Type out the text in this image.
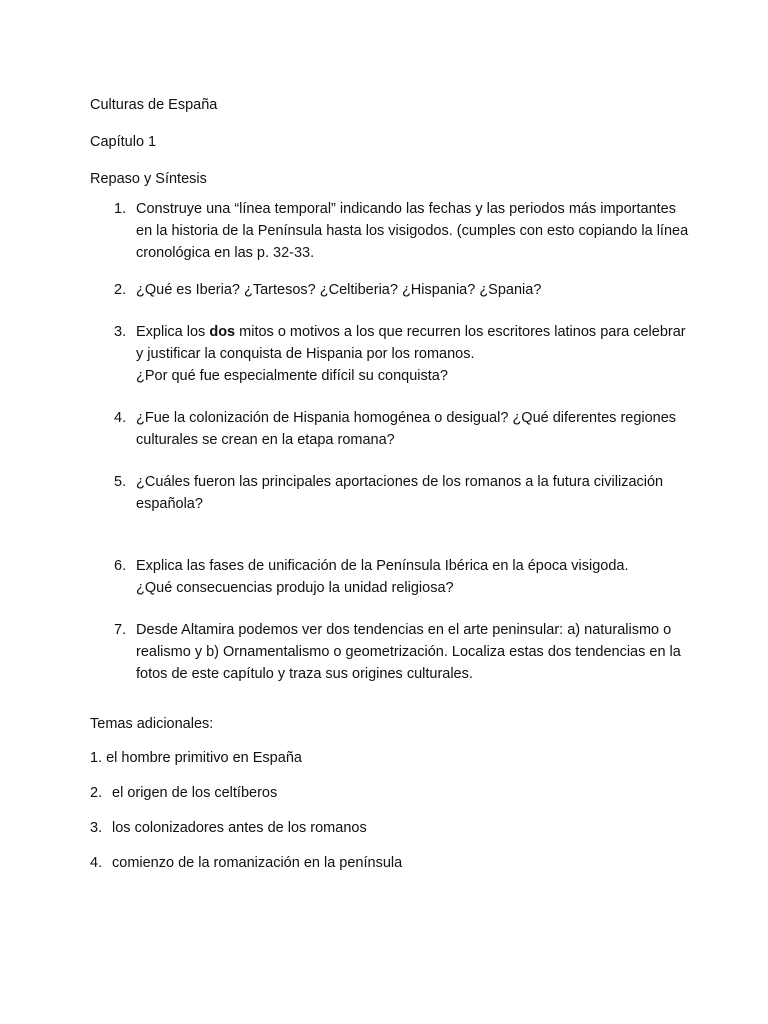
Culturas de España
Capítulo 1
Repaso y Síntesis
1. Construye una “línea temporal” indicando las fechas y las periodos más importantes en la historia de la Península hasta los visigodos. (cumples con esto copiando la línea cronológica en las p. 32-33.
2. ¿Qué es Iberia? ¿Tartesos? ¿Celtiberia? ¿Hispania? ¿Spania?
3. Explica los dos mitos o motivos a los que recurren los escritores latinos para celebrar y justificar la conquista de Hispania por los romanos.
¿Por qué fue especialmente difícil su conquista?
4. ¿Fue la colonización de Hispania homogénea o desigual? ¿Qué diferentes regiones culturales se crean en la etapa romana?
5. ¿Cuáles fueron las principales aportaciones de los romanos a la futura civilización española?
6. Explica las fases de unificación de la Península Ibérica en la época visigoda.
¿Qué consecuencias produjo la unidad religiosa?
7. Desde Altamira podemos ver dos tendencias en el arte peninsular: a) naturalismo o realismo y b) Ornamentalismo o geometrización. Localiza estas dos tendencias en la fotos de este capítulo y traza sus origines culturales.
Temas adicionales:
1. el hombre primitivo en España
2. el origen de los celtíberos
3. los colonizadores antes de los romanos
4. comienzo de la romanización en la península
